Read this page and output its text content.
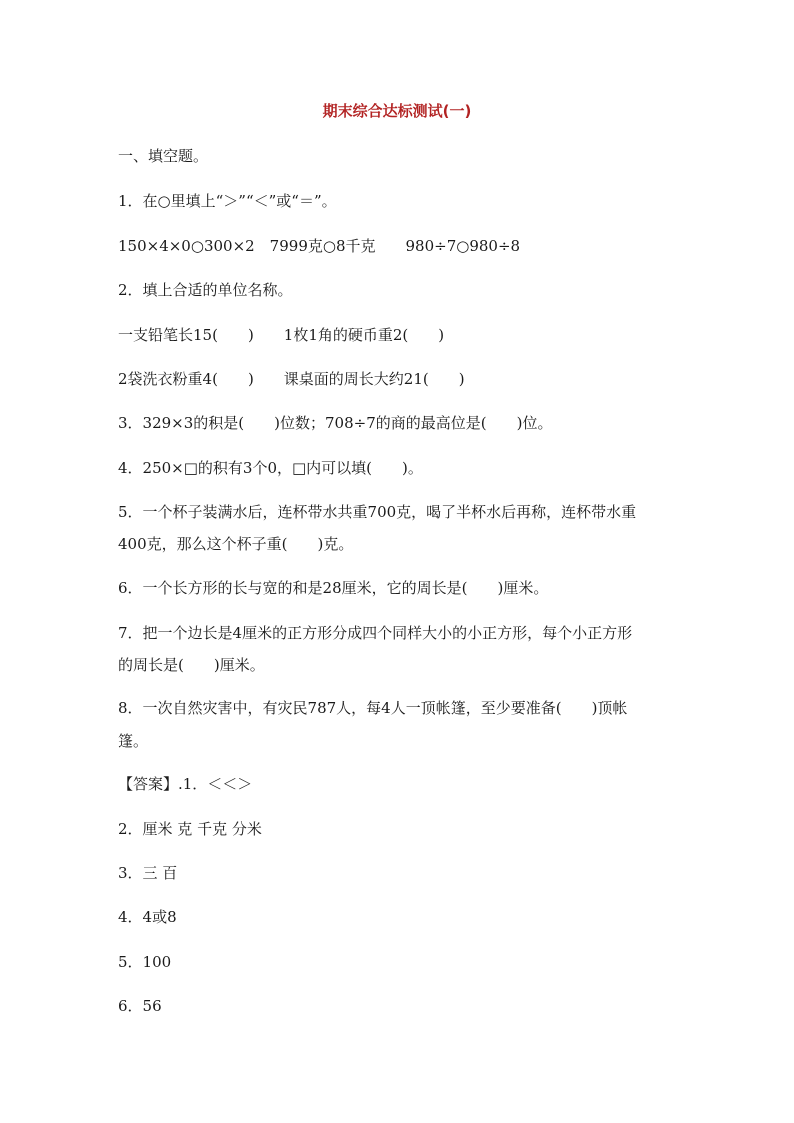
期末综合达标测试(一)
一、填空题。
1．在○里填上“＞”“＜”或“＝”。
150×4×0○300×2　7999克○8千克　　980÷7○980÷8
2．填上合适的单位名称。
一支铅笔长15(　　)　　1枚1角的硬币重2(　　)
2袋洗衣粉重4(　　)　　课桌面的周长大约21(　　)
3．329×3的积是(　　)位数；708÷7的商的最高位是(　　)位。
4．250×□的积有3个0，□内可以填(　　)。
5．一个杯子装满水后，连杯带水共重700克，喝了半杯水后再称，连杯带水重
400克，那么这个杯子重(　　)克。
6．一个长方形的长与宽的和是28厘米，它的周长是(　　)厘米。
7．把一个边长是4厘米的正方形分成四个同样大小的小正方形，每个小正方形
的周长是(　　)厘米。
8．一次自然灾害中，有灾民787人，每4人一顶帐篷，至少要准备(　　)顶帐
篷。
【答案】.1．＜＜＞
2．厘米 克 千克 分米
3．三 百
4．4或8
5．100
6．56
